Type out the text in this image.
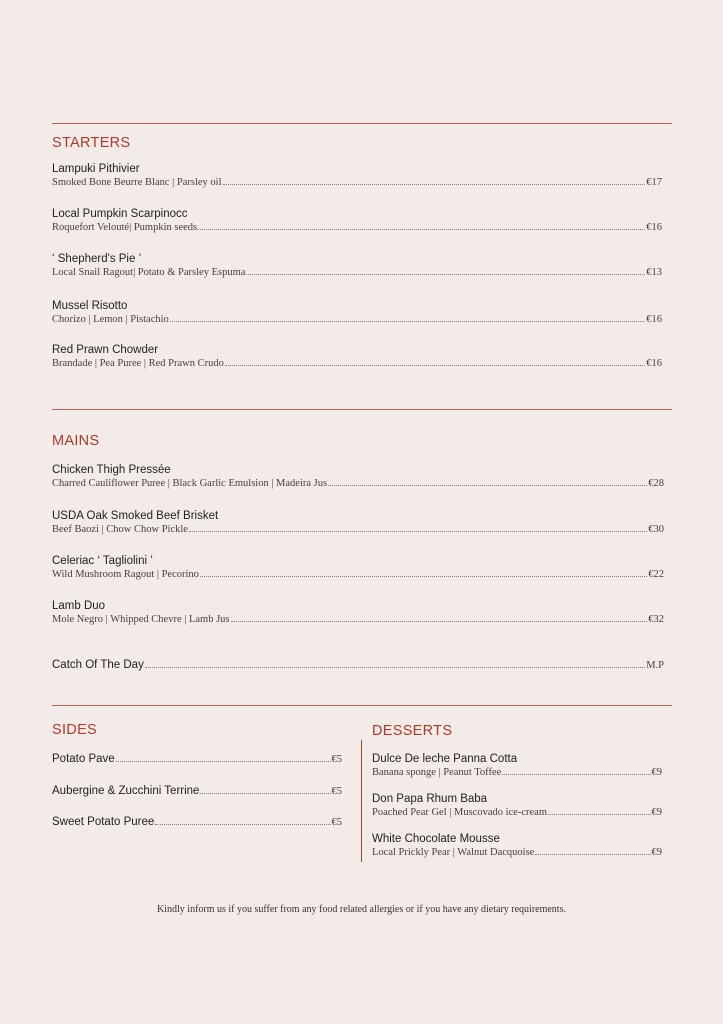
STARTERS
Lampuki Pithivier
Smoked Bone Beurre Blanc | Parsley oil	€17
Local Pumpkin Scarpinocc
Roquefort Velouté| Pumpkin seeds	€16
‘ Shepherd's Pie ’
Local Snail Ragout| Potato & Parsley Espuma	€13
Mussel Risotto
Chorizo | Lemon | Pistachio	€16
Red Prawn Chowder
Brandade | Pea Puree | Red Prawn Crudo	€16
MAINS
Chicken Thigh Pressée
Charred Cauliflower Puree | Black Garlic Emulsion | Madeira Jus	€28
USDA Oak Smoked Beef Brisket
Beef Baozi | Chow Chow Pickle	€30
Celeriac ‘ Tagliolini ’
Wild Mushroom Ragout | Pecorino	€22
Lamb Duo
Mole Negro | Whipped Chevre | Lamb Jus	€32
Catch Of The Day	M.P
SIDES	DESSERTS
Potato Pave	€5
Aubergine & Zucchini Terrine	€5
Sweet Potato Puree	€5
Dulce De leche Panna Cotta
Banana sponge | Peanut Toffee	€9
Don Papa Rhum Baba
Poached Pear Gel | Muscovado ice-cream	€9
White Chocolate Mousse
Local Prickly Pear | Walnut Dacquoise	€9
Kindly inform us if you suffer from any food related allergies or if you have any dietary requirements.
